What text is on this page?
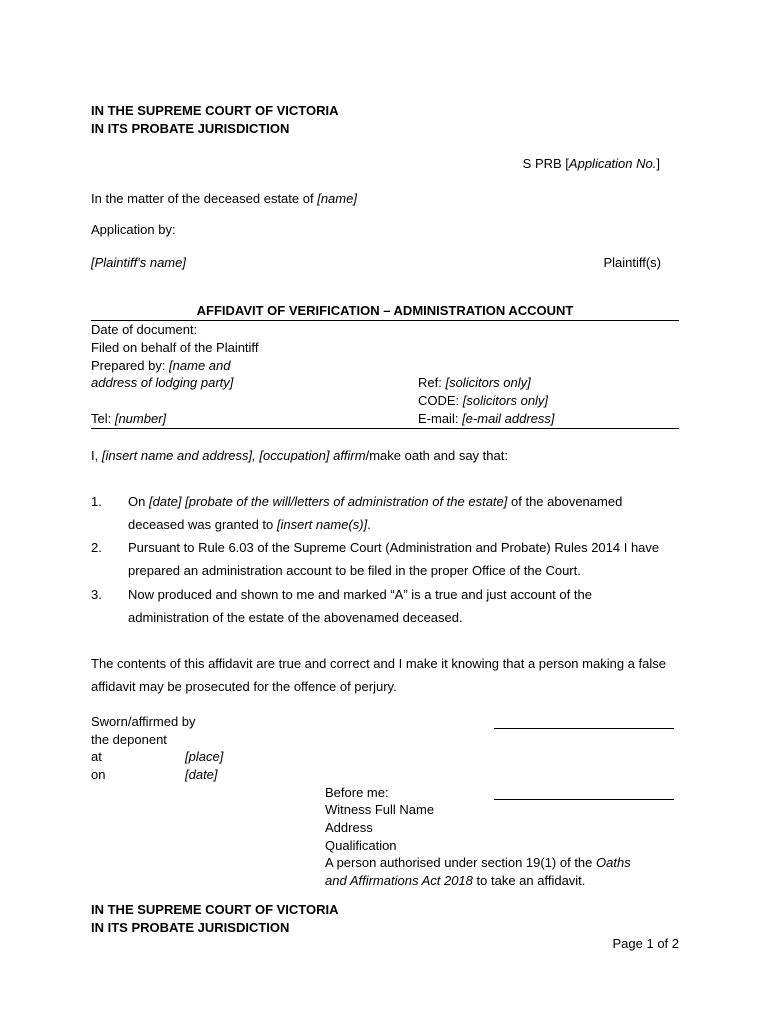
IN THE SUPREME COURT OF VICTORIA
IN ITS PROBATE JURISDICTION
S PRB [Application No.]
In the matter of the deceased estate of [name]
Application by:
[Plaintiff's name]	Plaintiff(s)
AFFIDAVIT OF VERIFICATION – ADMINISTRATION ACCOUNT
Date of document:
Filed on behalf of the Plaintiff
Prepared by: [name and
address of lodging party]	Ref: [solicitors only]
CODE: [solicitors only]
Tel: [number]	E-mail: [e-mail address]
I, [insert name and address], [occupation] affirm/make oath and say that:
1. On [date] [probate of the will/letters of administration of the estate] of the abovenamed deceased was granted to [insert name(s)].
2. Pursuant to Rule 6.03 of the Supreme Court (Administration and Probate) Rules 2014 I have prepared an administration account to be filed in the proper Office of the Court.
3. Now produced and shown to me and marked “A” is a true and just account of the administration of the estate of the abovenamed deceased.
The contents of this affidavit are true and correct and I make it knowing that a person making a false affidavit may be prosecuted for the offence of perjury.
Sworn/affirmed by
the deponent
at	[place]
on	[date]
Before me:
Witness Full Name
Address
Qualification
A person authorised under section 19(1) of the Oaths
and Affirmations Act 2018 to take an affidavit.
IN THE SUPREME COURT OF VICTORIA
IN ITS PROBATE JURISDICTION
Page 1 of 2
